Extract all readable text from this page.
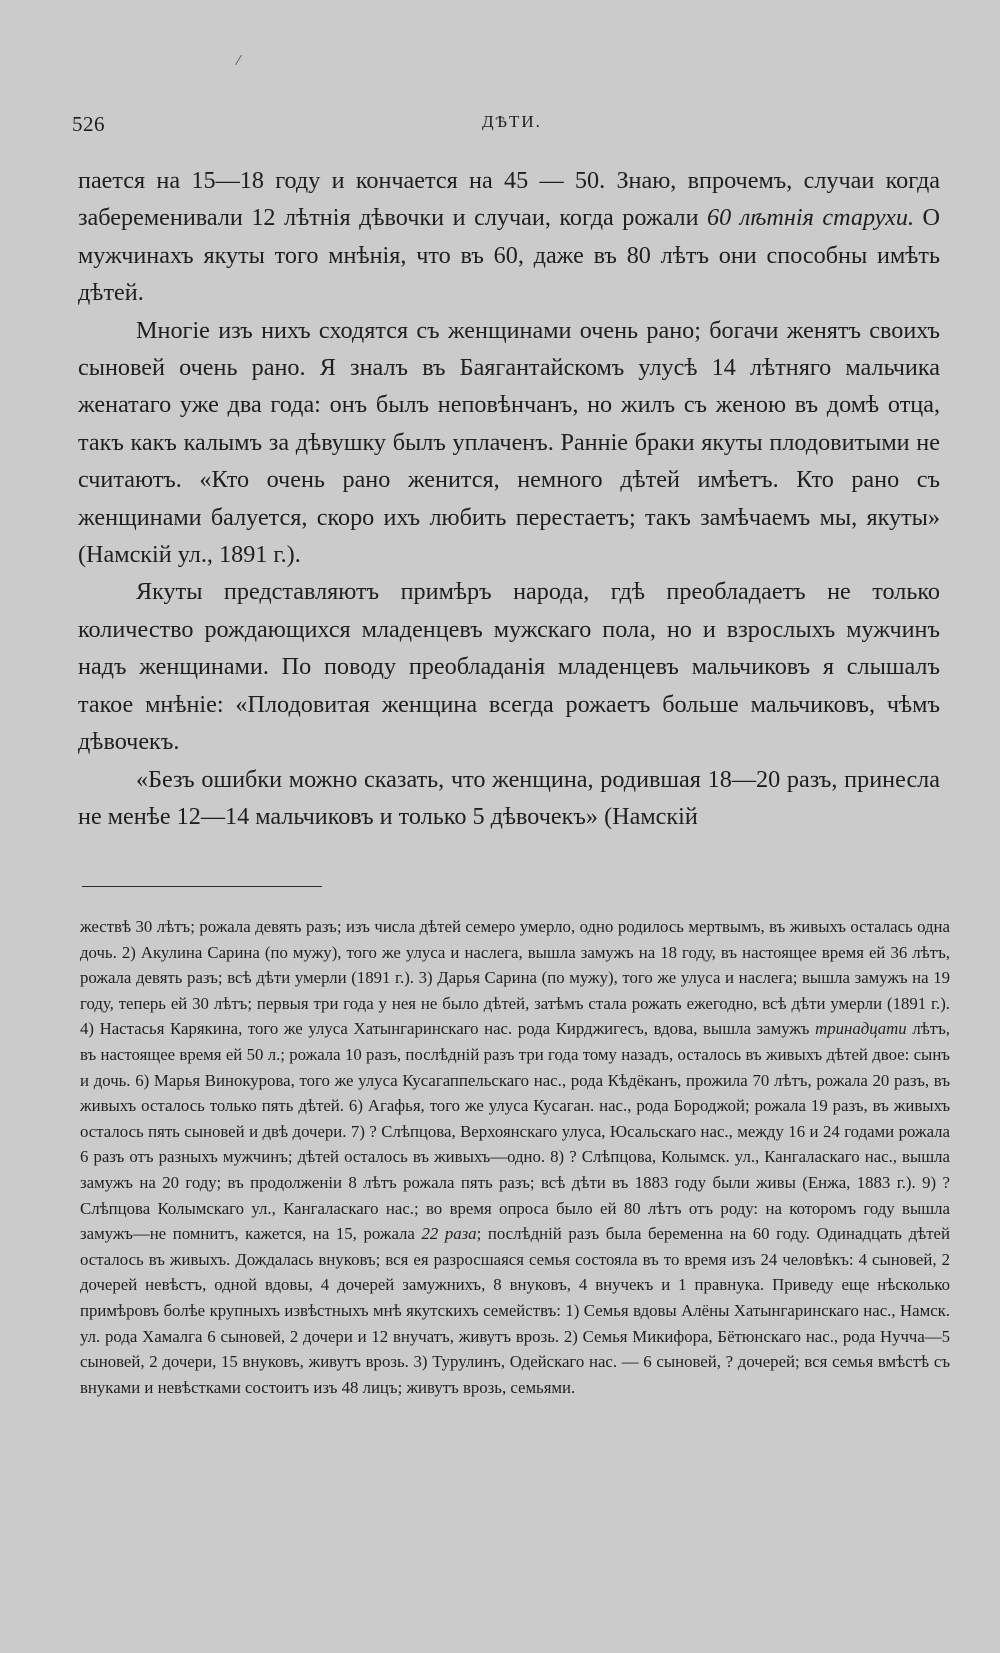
/
526	ДѢТИ.

пается на 15—18 году и кончается на 45 — 50. Знаю, впрочемъ, случаи когда забеременивали 12 лѣтнія дѣвочки и случаи, когда рожали 60 лѣтнія старухи. О мужчинахъ якуты того мнѣнія, что въ 60, даже въ 80 лѣтъ они способны имѣть дѣтей.

Многіе изъ нихъ сходятся съ женщинами очень рано; богачи женятъ своихъ сыновей очень рано. Я зналъ въ Баягантайскомъ улусѣ 14 лѣтняго мальчика женатаго уже два года: онъ былъ неповѣнчанъ, но жилъ съ женою въ домѣ отца, такъ какъ калымъ за дѣвушку былъ уплаченъ. Раннiе браки якуты плодовитыми не считаютъ. «Кто очень рано женится, немного дѣтей имѣетъ. Кто рано съ женщинами балуется, скоро ихъ любить перестаетъ; такъ замѣчаемъ мы, якуты» (Намскій ул., 1891 г.).

Якуты представляютъ примѣръ народа, гдѣ преобладаетъ не только количество рождающихся младенцевъ мужскаго пола, но и взрослыхъ мужчинъ надъ женщинами. По поводу преобладанія младенцевъ мальчиковъ я слышалъ такое мнѣніе: «Плодовитая женщина всегда рожаетъ больше мальчиковъ, чѣмъ дѣвочекъ.

«Безъ ошибки можно сказать, что женщина, родившая 18—20 разъ, принесла не менѣе 12—14 мальчиковъ и только 5 дѣвочекъ» (Намскій

жествѣ 30 лѣтъ; рожала девять разъ; изъ числа дѣтей семеро умерло, одно родилось мертвымъ, въ живыхъ осталась одна дочь. 2) Акулина Сарина (по мужу), того же улуса и наслега, вышла замужъ на 18 году, въ настоящее время ей 36 лѣтъ, рожала девять разъ; всѣ дѣти умерли (1891 г.). 3) Дарья Сарина (по мужу), того же улуса и наслега; вышла замужъ на 19 году, теперь ей 30 лѣтъ; первыя три года у нея не было дѣтей, затѣмъ стала рожать ежегодно, всѣ дѣти умерли (1891 г.). 4) Настасья Карякина, того же улуса Хатынгаринскаго нас. рода Кирджигесъ, вдова, вышла замужъ тринадцати лѣтъ, въ настоящее время ей 50 л.; рожала 10 разъ, послѣдній разъ три года тому назадъ, осталось въ живыхъ дѣтей двое: сынъ и дочь. 6) Марья Винокурова, того же улуса Кусагаппельскаго нас., рода Кѣдёканъ, прожила 70 лѣтъ, рожала 20 разъ, въ живыхъ осталось только пять дѣтей. 6) Агафья, того же улуса Кусаган. нас., рода Бороджой; рожала 19 разъ, въ живыхъ осталось пять сыновей и двѣ дочери. 7) ? Слѣпцова, Верхоянскаго улуса, Юсальскаго нас., между 16 и 24 годами рожала 6 разъ отъ разныхъ мужчинъ; дѣтей осталось въ живыхъ—одно. 8) ? Слѣпцова, Колымск. ул., Кангаласкаго нас., вышла замужъ на 20 году; въ продолженіи 8 лѣтъ рожала пять разъ; всѣ дѣти въ 1883 году были живы (Енжа, 1883 г.). 9) ? Слѣпцова Колымскаго ул., Кангаласкаго нас.; во время опроса было ей 80 лѣтъ отъ роду: на которомъ году вышла замужъ—не помнитъ, кажется, на 15, рожала 22 раза; послѣдній разъ была беременна на 60 году. Одинадцать дѣтей осталось въ живыхъ. Дождалась внуковъ; вся ея разросшаяся семья состояла въ то время изъ 24 человѣкъ: 4 сыновей, 2 дочерей невѣстъ, одной вдовы, 4 дочерей замужнихъ, 8 внуковъ, 4 внучекъ и 1 правнука. Приведу еще нѣсколько примѣровъ болѣе крупныхъ извѣстныхъ мнѣ якутскихъ семействъ: 1) Семья вдовы Алёны Хатынгаринскаго нас., Намск. ул. рода Хамалга 6 сыновей, 2 дочери и 12 внучатъ, живутъ врозь. 2) Семья Микифора, Бётюнскаго нас., рода Нучча—5 сыновей, 2 дочери, 15 внуковъ, живутъ врозь. 3) Турулинъ, Одейскаго нас. — 6 сыновей, ? дочерей; вся семья вмѣстѣ съ внуками и невѣстками состоитъ изъ 48 лицъ; живутъ врозь, семьями.
